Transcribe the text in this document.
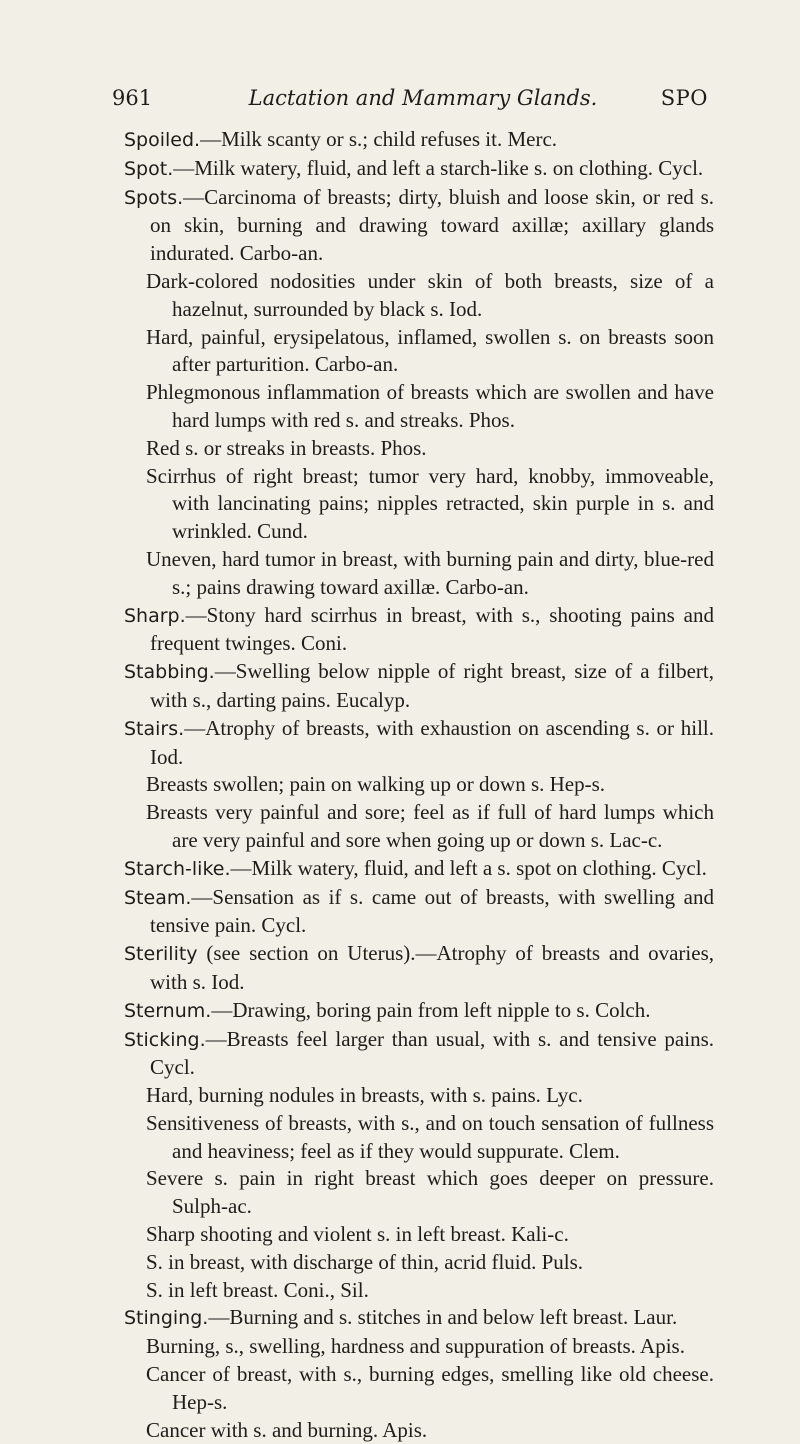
961	Lactation and Mammary Glands.	SPO
Spoiled.—Milk scanty or s.; child refuses it. Merc.
Spot.—Milk watery, fluid, and left a starch-like s. on clothing. Cycl.
Spots.—Carcinoma of breasts; dirty, bluish and loose skin, or red s. on skin, burning and drawing toward axillæ; axillary glands indurated. Carbo-an.
Dark-colored nodosities under skin of both breasts, size of a hazelnut, surrounded by black s. Iod.
Hard, painful, erysipelatous, inflamed, swollen s. on breasts soon after parturition. Carbo-an.
Phlegmonous inflammation of breasts which are swollen and have hard lumps with red s. and streaks. Phos.
Red s. or streaks in breasts. Phos.
Scirrhus of right breast; tumor very hard, knobby, immoveable, with lancinating pains; nipples retracted, skin purple in s. and wrinkled. Cund.
Uneven, hard tumor in breast, with burning pain and dirty, blue-red s.; pains drawing toward axillæ. Carbo-an.
Sharp.—Stony hard scirrhus in breast, with s., shooting pains and frequent twinges. Coni.
Stabbing.—Swelling below nipple of right breast, size of a filbert, with s., darting pains. Eucalyp.
Stairs.—Atrophy of breasts, with exhaustion on ascending s. or hill. Iod.
Breasts swollen; pain on walking up or down s. Hep-s.
Breasts very painful and sore; feel as if full of hard lumps which are very painful and sore when going up or down s. Lac-c.
Starch-like.—Milk watery, fluid, and left a s. spot on clothing. Cycl.
Steam.—Sensation as if s. came out of breasts, with swelling and tensive pain. Cycl.
Sterility (see section on Uterus).—Atrophy of breasts and ovaries, with s. Iod.
Sternum.—Drawing, boring pain from left nipple to s. Colch.
Sticking.—Breasts feel larger than usual, with s. and tensive pains. Cycl.
Hard, burning nodules in breasts, with s. pains. Lyc.
Sensitiveness of breasts, with s., and on touch sensation of fullness and heaviness; feel as if they would suppurate. Clem.
Severe s. pain in right breast which goes deeper on pressure. Sulph-ac.
Sharp shooting and violent s. in left breast. Kali-c.
S. in breast, with discharge of thin, acrid fluid. Puls.
S. in left breast. Coni., Sil.
Stinging.—Burning and s. stitches in and below left breast. Laur.
Burning, s., swelling, hardness and suppuration of breasts. Apis.
Cancer of breast, with s., burning edges, smelling like old cheese. Hep-s.
Cancer with s. and burning. Apis.
